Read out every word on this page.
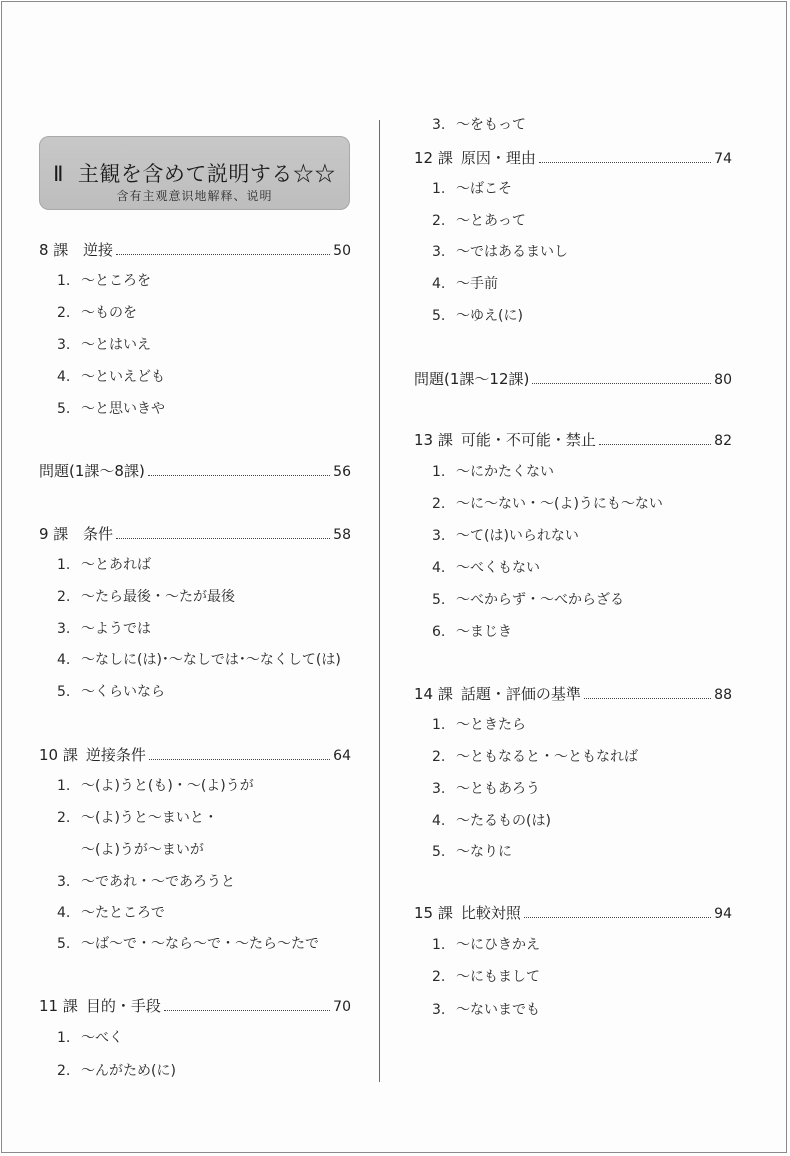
Ⅱ 主観を含めて説明する☆☆
含有主观意识地解释、说明
8 課 逆接	50
1. ～ところを
2. ～ものを
3. ～とはいえ
4. ～といえども
5. ～と思いきや
問題(1課～8課)	56
9 課 条件	58
1. ～とあれば
2. ～たら最後・～たが最後
3. ～ようでは
4. ～なしに(は)･～なしでは･～なくして(は)
5. ～くらいなら
10 課 逆接条件	64
1. ～(よ)うと(も)・～(よ)うが
2. ～(よ)うと～まいと・
～(よ)うが～まいが
3. ～であれ・～であろうと
4. ～たところで
5. ～ば～で・～なら～で・～たら～たで
11 課 目的・手段	70
1. ～べく
2. ～んがため(に)
3. ～をもって
12 課 原因・理由	74
1. ～ばこそ
2. ～とあって
3. ～ではあるまいし
4. ～手前
5. ～ゆえ(に)
問題(1課～12課)	80
13 課 可能・不可能・禁止	82
1. ～にかたくない
2. ～に～ない・～(よ)うにも～ない
3. ～て(は)いられない
4. ～べくもない
5. ～べからず・～べからざる
6. ～まじき
14 課 話題・評価の基準	88
1. ～ときたら
2. ～ともなると・～ともなれば
3. ～ともあろう
4. ～たるもの(は)
5. ～なりに
15 課 比較対照	94
1. ～にひきかえ
2. ～にもまして
3. ～ないまでも
